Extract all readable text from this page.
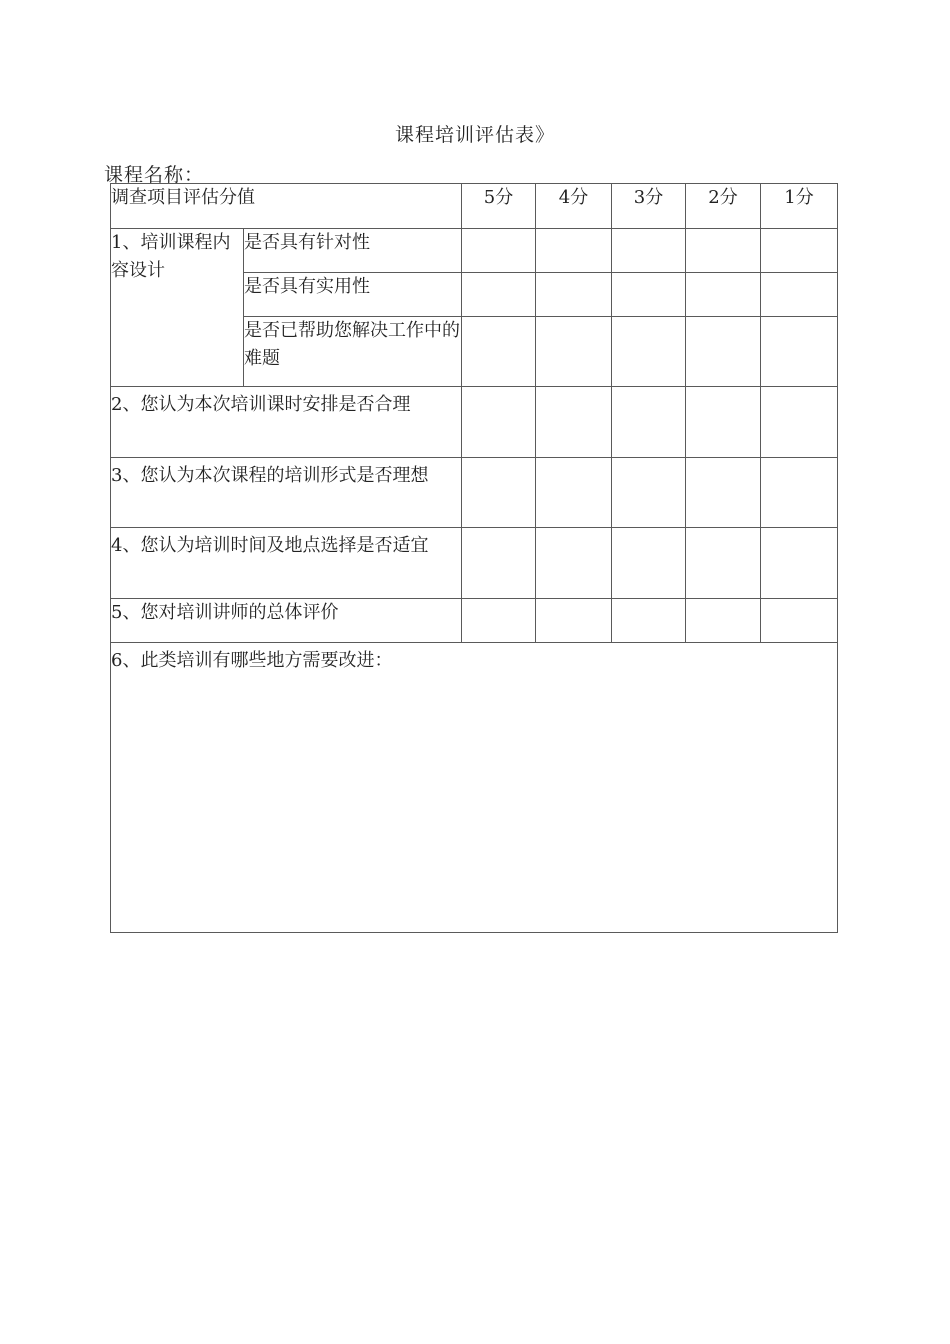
课程培训评估表》
课程名称：
调查项目评估分值		5分	4分	3分	2分	1分
1、培训课程内容设计	是否具有针对性					
	是否具有实用性					
	是否已帮助您解决工作中的难题					
2、您认为本次培训课时安排是否合理						
3、您认为本次课程的培训形式是否理想						
4、您认为培训时间及地点选择是否适宜						
5、您对培训讲师的总体评价						
6、此类培训有哪些地方需要改进：						
